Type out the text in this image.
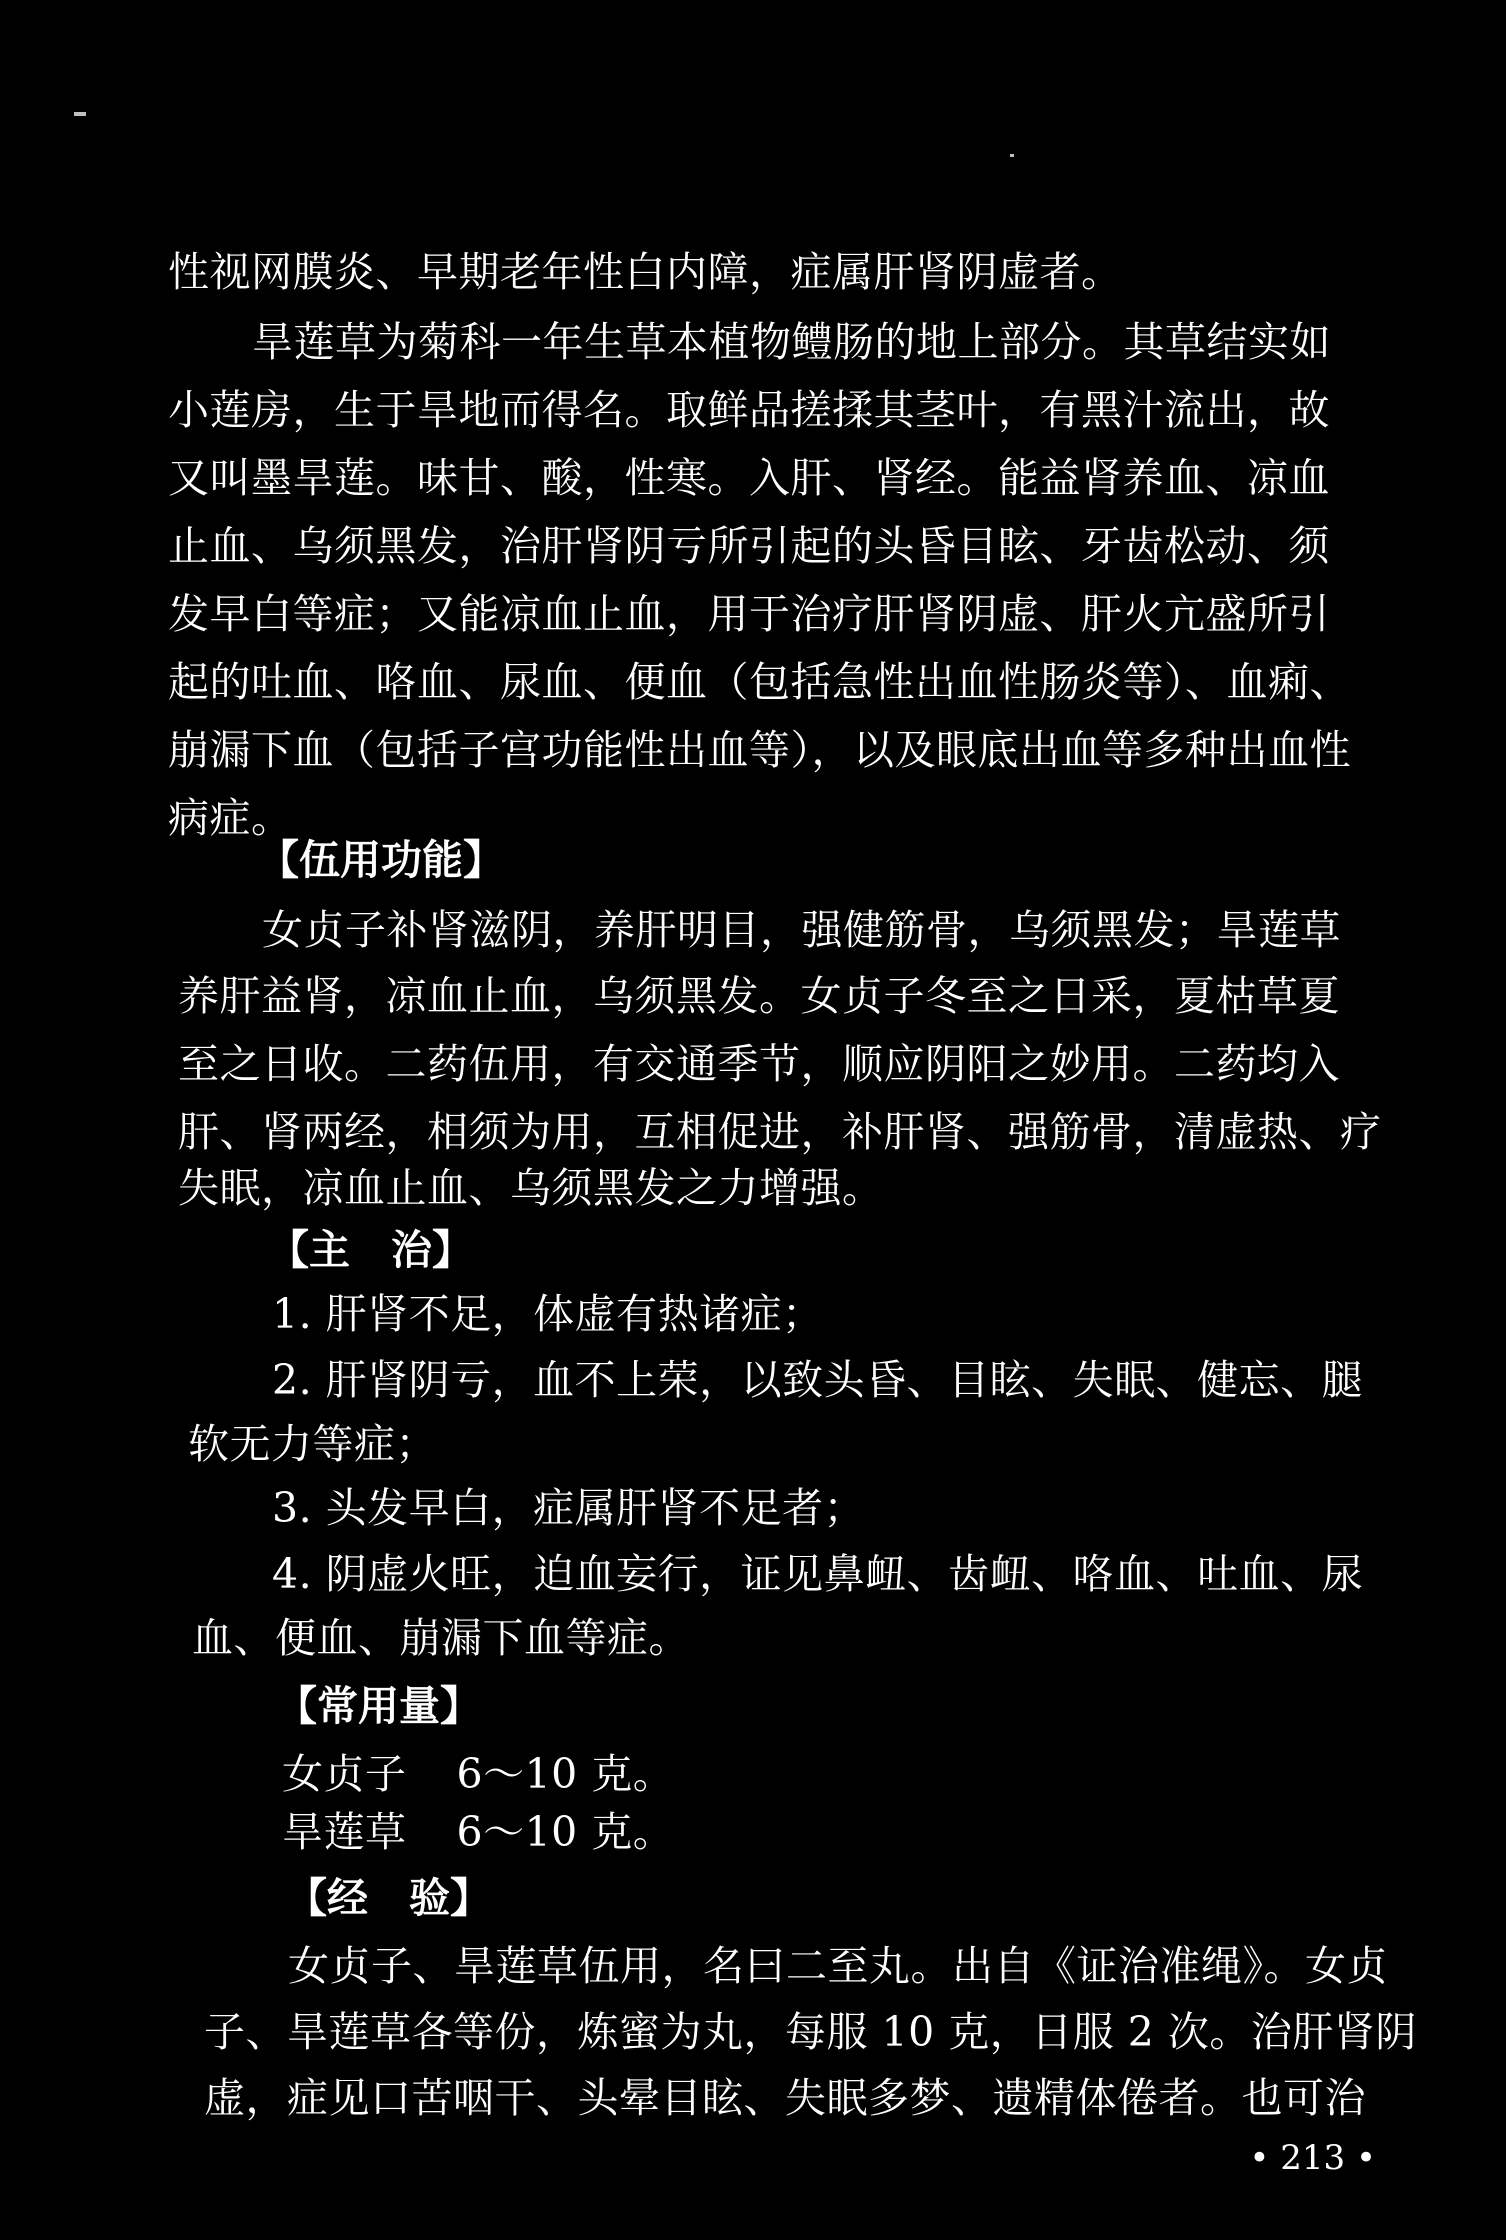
性视网膜炎、早期老年性白内障，症属肝肾阴虚者。
旱莲草为菊科一年生草本植物鳢肠的地上部分。其草结实如
小莲房，生于旱地而得名。取鲜品搓揉其茎叶，有黑汁流出，故
又叫墨旱莲。味甘、酸，性寒。入肝、肾经。能益肾养血、凉血
止血、乌须黑发，治肝肾阴亏所引起的头昏目眩、牙齿松动、须
发早白等症；又能凉血止血，用于治疗肝肾阴虚、肝火亢盛所引
起的吐血、咯血、尿血、便血（包括急性出血性肠炎等）、血痢、
崩漏下血（包括子宫功能性出血等），以及眼底出血等多种出血性
病症。
【伍用功能】
女贞子补肾滋阴，养肝明目，强健筋骨，乌须黑发；旱莲草
养肝益肾，凉血止血，乌须黑发。女贞子冬至之日采，夏枯草夏
至之日收。二药伍用，有交通季节，顺应阴阳之妙用。二药均入
肝、肾两经，相须为用，互相促进，补肝肾、强筋骨，清虚热、疗
失眠，凉血止血、乌须黑发之力增强。
【主　治】
1. 肝肾不足，体虚有热诸症；
2. 肝肾阴亏，血不上荣，以致头昏、目眩、失眠、健忘、腿
软无力等症；
3. 头发早白，症属肝肾不足者；
4. 阴虚火旺，迫血妄行，证见鼻衄、齿衄、咯血、吐血、尿
血、便血、崩漏下血等症。
【常用量】
女贞子 6～10 克。
旱莲草 6～10 克。
【经　验】
女贞子、旱莲草伍用，名曰二至丸。出自《证治准绳》。女贞
子、旱莲草各等份，炼蜜为丸，每服 10 克，日服 2 次。治肝肾阴
虚，症见口苦咽干、头晕目眩、失眠多梦、遗精体倦者。也可治
• 213 •
